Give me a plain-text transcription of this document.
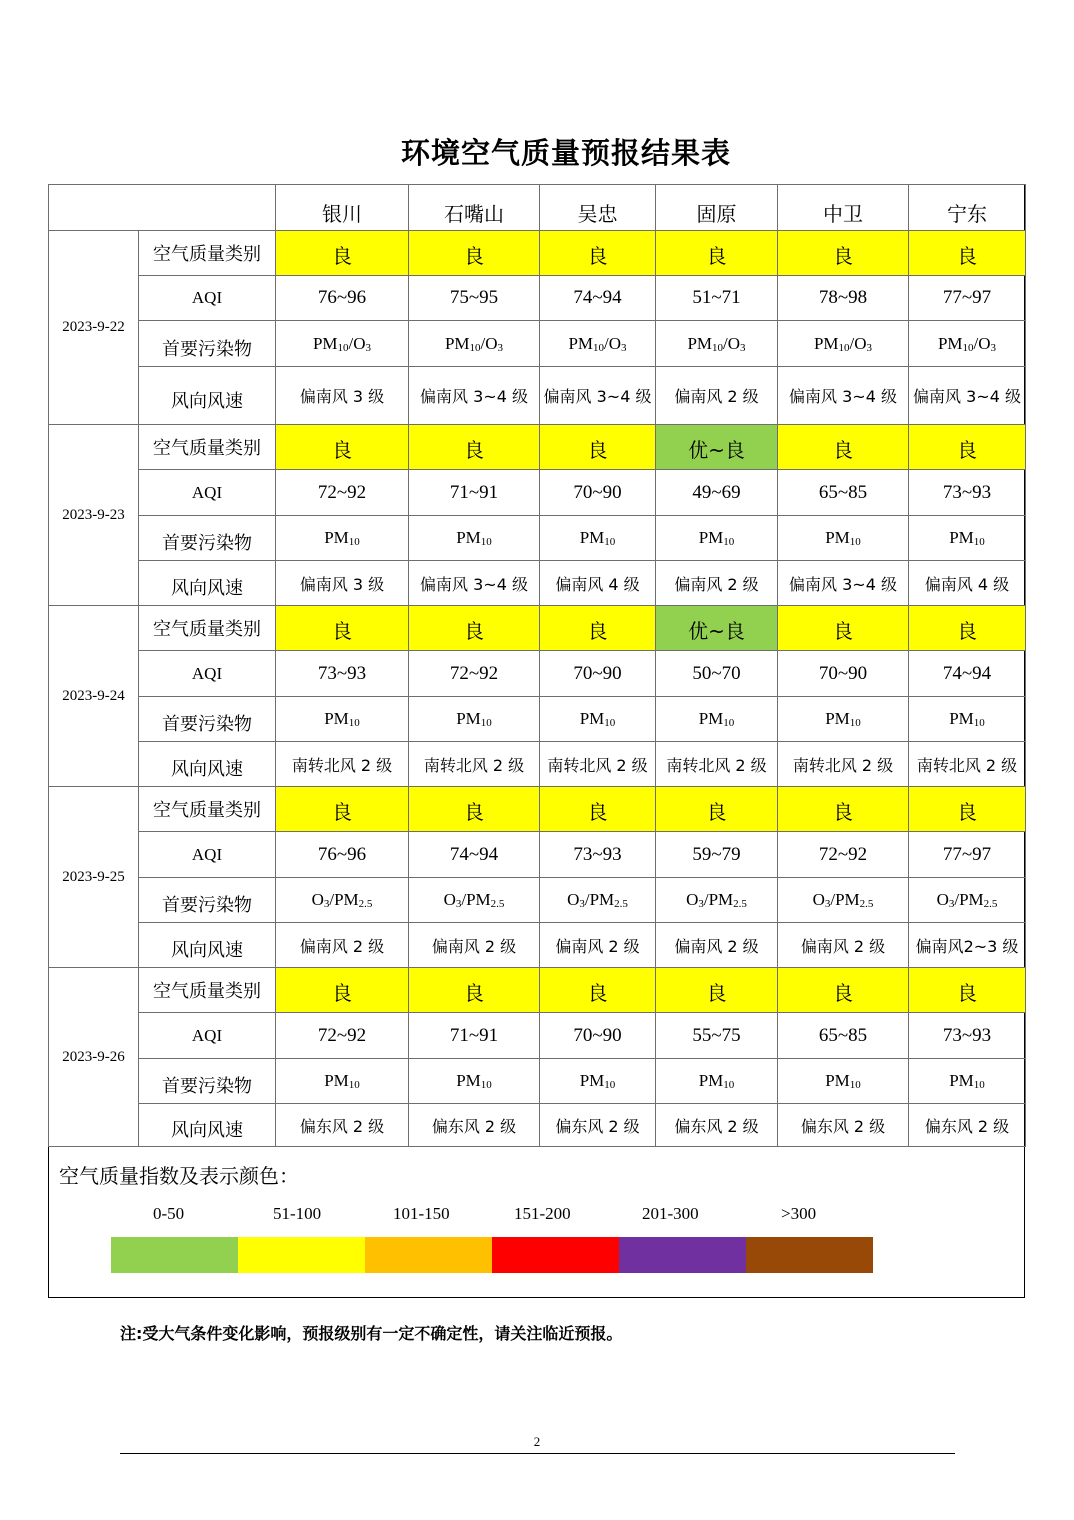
环境空气质量预报结果表
		银川	石嘴山	吴忠	固原	中卫	宁东
2023-9-22	空气质量类别	良	良	良	良	良	良
	AQI	76~96	75~95	74~94	51~71	78~98	77~97
	首要污染物	$PM_{10}/O_3$	$PM_{10}/O_3$	$PM_{10}/O_3$	$PM_{10}/O_3$	$PM_{10}/O_3$	$PM_{10}/O_3$
	风向风速	偏南风 3 级	偏南风 3~4 级	偏南风 3~4 级	偏南风 2 级	偏南风 3~4 级	偏南风 3~4 级
2023-9-23	空气质量类别	良	良	良	优~良	良	良
	AQI	72~92	71~91	70~90	49~69	65~85	73~93
	首要污染物	$PM_{10}$	$PM_{10}$	$PM_{10}$	$PM_{10}$	$PM_{10}$	$PM_{10}$
	风向风速	偏南风 3 级	偏南风 3~4 级	偏南风 4 级	偏南风 2 级	偏南风 3~4 级	偏南风 4 级
2023-9-24	空气质量类别	良	良	良	优~良	良	良
	AQI	73~93	72~92	70~90	50~70	70~90	74~94
	首要污染物	$PM_{10}$	$PM_{10}$	$PM_{10}$	$PM_{10}$	$PM_{10}$	$PM_{10}$
	风向风速	南转北风 2 级	南转北风 2 级	南转北风 2 级	南转北风 2 级	南转北风 2 级	南转北风 2 级
2023-9-25	空气质量类别	良	良	良	良	良	良
	AQI	76~96	74~94	73~93	59~79	72~92	77~97
	首要污染物	$O_3/PM_{2.5}$	$O_3/PM_{2.5}$	$O_3/PM_{2.5}$	$O_3/PM_{2.5}$	$O_3/PM_{2.5}$	$O_3/PM_{2.5}$
	风向风速	偏南风 2 级	偏南风 2 级	偏南风 2 级	偏南风 2 级	偏南风 2 级	偏南风2~3 级
2023-9-26	空气质量类别	良	良	良	良	良	良
	AQI	72~92	71~91	70~90	55~75	65~85	73~93
	首要污染物	$PM_{10}$	$PM_{10}$	$PM_{10}$	$PM_{10}$	$PM_{10}$	$PM_{10}$
	风向风速	偏东风 2 级	偏东风 2 级	偏东风 2 级	偏东风 2 级	偏东风 2 级	偏东风 2 级
空气质量指数及表示颜色：
0-50	51-100	101-150	151-200	201-300	>300
注:受大气条件变化影响，预报级别有一定不确定性，请关注临近预报。
2
